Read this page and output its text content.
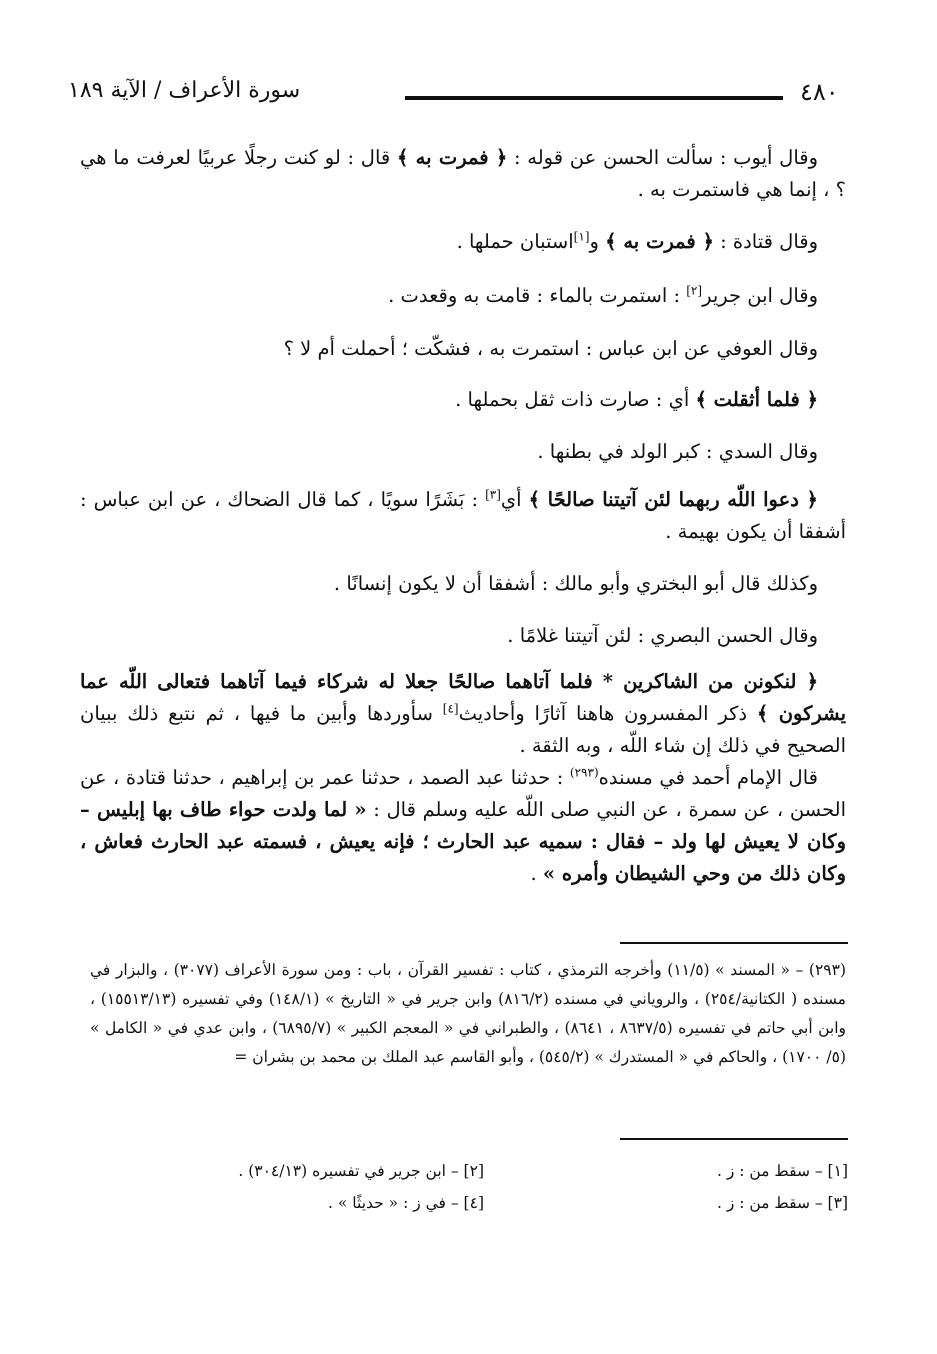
٤٨٠
سورة الأعراف / الآية ١٨٩

وقال أيوب : سألت الحسن عن قوله : ﴿ فمرت به ﴾ قال : لو كنت رجلًا عربيًا لعرفت ما هي ؟ ، إنما هي فاستمرت به .

وقال قتادة : ﴿ فمرت به ﴾ و[١]استبان حملها .

وقال ابن جرير[٢] : استمرت بالماء : قامت به وقعدت .

وقال العوفي عن ابن عباس : استمرت به ، فشكّت ؛ أحملت أم لا ؟

﴿ فلما أثقلت ﴾ أي : صارت ذات ثقل بحملها .

وقال السدي : كبر الولد في بطنها .

﴿ دعوا اللّه ربهما لئن آتيتنا صالحًا ﴾ أي[٣] : بَشَرًا سويًا ، كما قال الضحاك ، عن ابن عباس : أشفقا أن يكون بهيمة .

وكذلك قال أبو البختري وأبو مالك : أشفقا أن لا يكون إنسانًا .

وقال الحسن البصري : لئن آتيتنا غلامًا .

﴿ لنكونن من الشاكرين * فلما آتاهما صالحًا جعلا له شركاء فيما آتاهما فتعالى اللّه عما يشركون ﴾ ذكر المفسرون هاهنا آثارًا وأحاديث[٤] سأوردها وأبين ما فيها ، ثم نتبع ذلك ببيان الصحيح في ذلك إن شاء اللّه ، وبه الثقة .

قال الإمام أحمد في مسنده$^{(٢٩٣)}$ : حدثنا عبد الصمد ، حدثنا عمر بن إبراهيم ، حدثنا قتادة ، عن الحسن ، عن سمرة ، عن النبي صلى اللّه عليه وسلم قال : « لما ولدت حواء طاف بها إبليس – وكان لا يعيش لها ولد – فقال : سميه عبد الحارث ؛ فإنه يعيش ، فسمته عبد الحارث فعاش ، وكان ذلك من وحي الشيطان وأمره » .

(٢٩٣) – « المسند » (١١/٥) وأخرجه الترمذي ، كتاب : تفسير القرآن ، باب : ومن سورة الأعراف (٣٠٧٧) ، والبزار في مسنده ( الكتانية/٢٥٤) ، والروياني في مسنده (٨١٦/٢) وابن جرير في « التاريخ » (١٤٨/١) وفي تفسيره (١٥٥١٣/١٣) ، وابن أبي حاتم في تفسيره (٨٦٣٧/٥ ، ٨٦٤١) ، والطبراني في « المعجم الكبير » (٦٨٩٥/٧) ، وابن عدي في « الكامل » (٥/ ١٧٠٠) ، والحاكم في « المستدرك » (٥٤٥/٢) ، وأبو القاسم عبد الملك بن محمد بن بشران =
[١] – سقط من : ز .
[٢] – ابن جرير في تفسيره (٣٠٤/١٣) .
[٣] – سقط من : ز .
[٤] – في ز : « حديثًا » .
